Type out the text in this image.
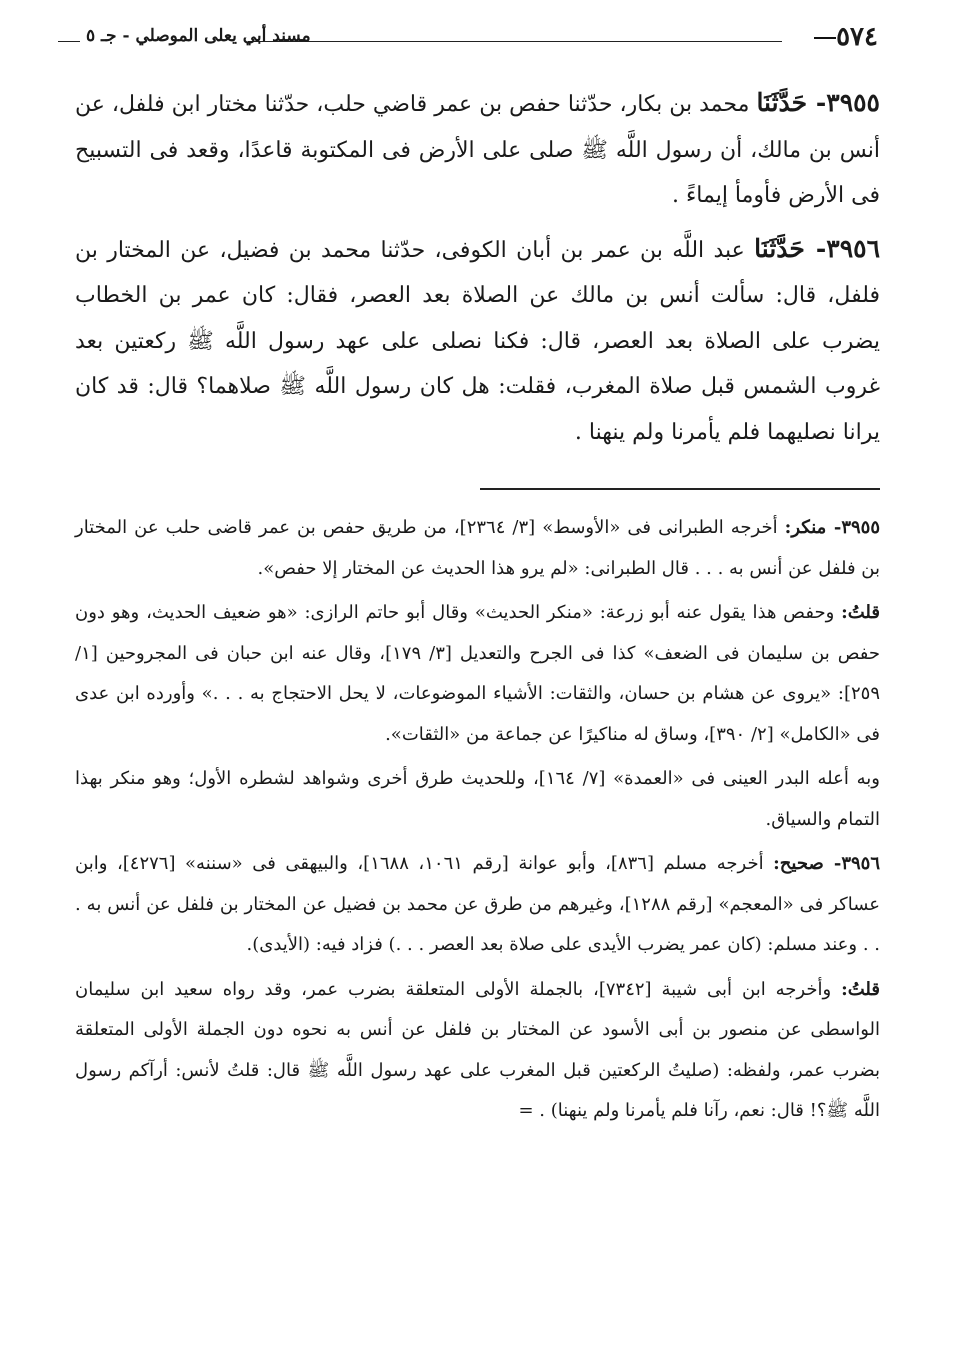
٥٧٤
مسند أبي يعلى الموصلي - جـ ٥

٣٩٥٥- حَدَّثَنَا محمد بن بكار، حدّثنا حفص بن عمر قاضي حلب، حدّثنا مختار ابن فلفل، عن أنس بن مالك، أن رسول اللَّه ﷺ صلى على الأرض فى المكتوبة قاعدًا، وقعد فى التسبيح فى الأرض فأومأ إيماءً .

٣٩٥٦- حَدَّثَنَا عبد اللَّه بن عمر بن أبان الكوفى، حدّثنا محمد بن فضيل، عن المختار بن فلفل، قال: سألت أنس بن مالك عن الصلاة بعد العصر، فقال: كان عمر بن الخطاب يضرب على الصلاة بعد العصر، قال: فكنا نصلى على عهد رسول اللَّه ﷺ ركعتين بعد غروب الشمس قبل صلاة المغرب، فقلت: هل كان رسول اللَّه ﷺ صلاهما؟ قال: قد كان يرانا نصليهما فلم يأمرنا ولم ينهنا .

٣٩٥٥- منكر: أخرجه الطبرانى فى «الأوسط» [٣/ ٢٣٦٤]، من طريق حفص بن عمر قاضى حلب عن المختار بن فلفل عن أنس به . . . قال الطبرانى: «لم يرو هذا الحديث عن المختار إلا حفص».

قلتُ: وحفص هذا يقول عنه أبو زرعة: «منكر الحديث» وقال أبو حاتم الرازى: «هو ضعيف الحديث، وهو دون حفص بن سليمان فى الضعف» كذا فى الجرح والتعديل [٣/ ١٧٩]، وقال عنه ابن حبان فى المجروحين [١/ ٢٥٩]: «يروى عن هشام بن حسان، والثقات: الأشياء الموضوعات، لا يحل الاحتجاج به . . .» وأورده ابن عدى فى «الكامل» [٢/ ٣٩٠]، وساق له مناكيرًا عن جماعة من «الثقات».

وبه أعله البدر العينى فى «العمدة» [٧/ ١٦٤]، وللحديث طرق أخرى وشواهد لشطره الأول؛ وهو منكر بهذا التمام والسياق.

٣٩٥٦- صحيح: أخرجه مسلم [٨٣٦]، وأبو عوانة [رقم ١٠٦١، ١٦٨٨]، والبيهقى فى «سننه» [٤٢٧٦]، وابن عساكر فى «المعجم» [رقم ١٢٨٨]، وغيرهم من طرق عن محمد بن فضيل عن المختار بن فلفل عن أنس به . . . وعند مسلم: (كان عمر يضرب الأيدى على صلاة بعد العصر . . .) فزاد فيه: (الأيدى).

قلتُ: وأخرجه ابن أبى شيبة [٧٣٤٢]، بالجملة الأولى المتعلقة بضرب عمر، وقد رواه سعيد ابن سليمان الواسطى عن منصور بن أبى الأسود عن المختار بن فلفل عن أنس به نحوه دون الجملة الأولى المتعلقة بضرب عمر، ولفظه: (صليتُ الركعتين قبل المغرب على عهد رسول اللَّه ﷺ قال: قلتُ لأنس: أرآكم رسول اللَّه ﷺ؟! قال: نعم، رآنا فلم يأمرنا ولم ينهنا) . =
